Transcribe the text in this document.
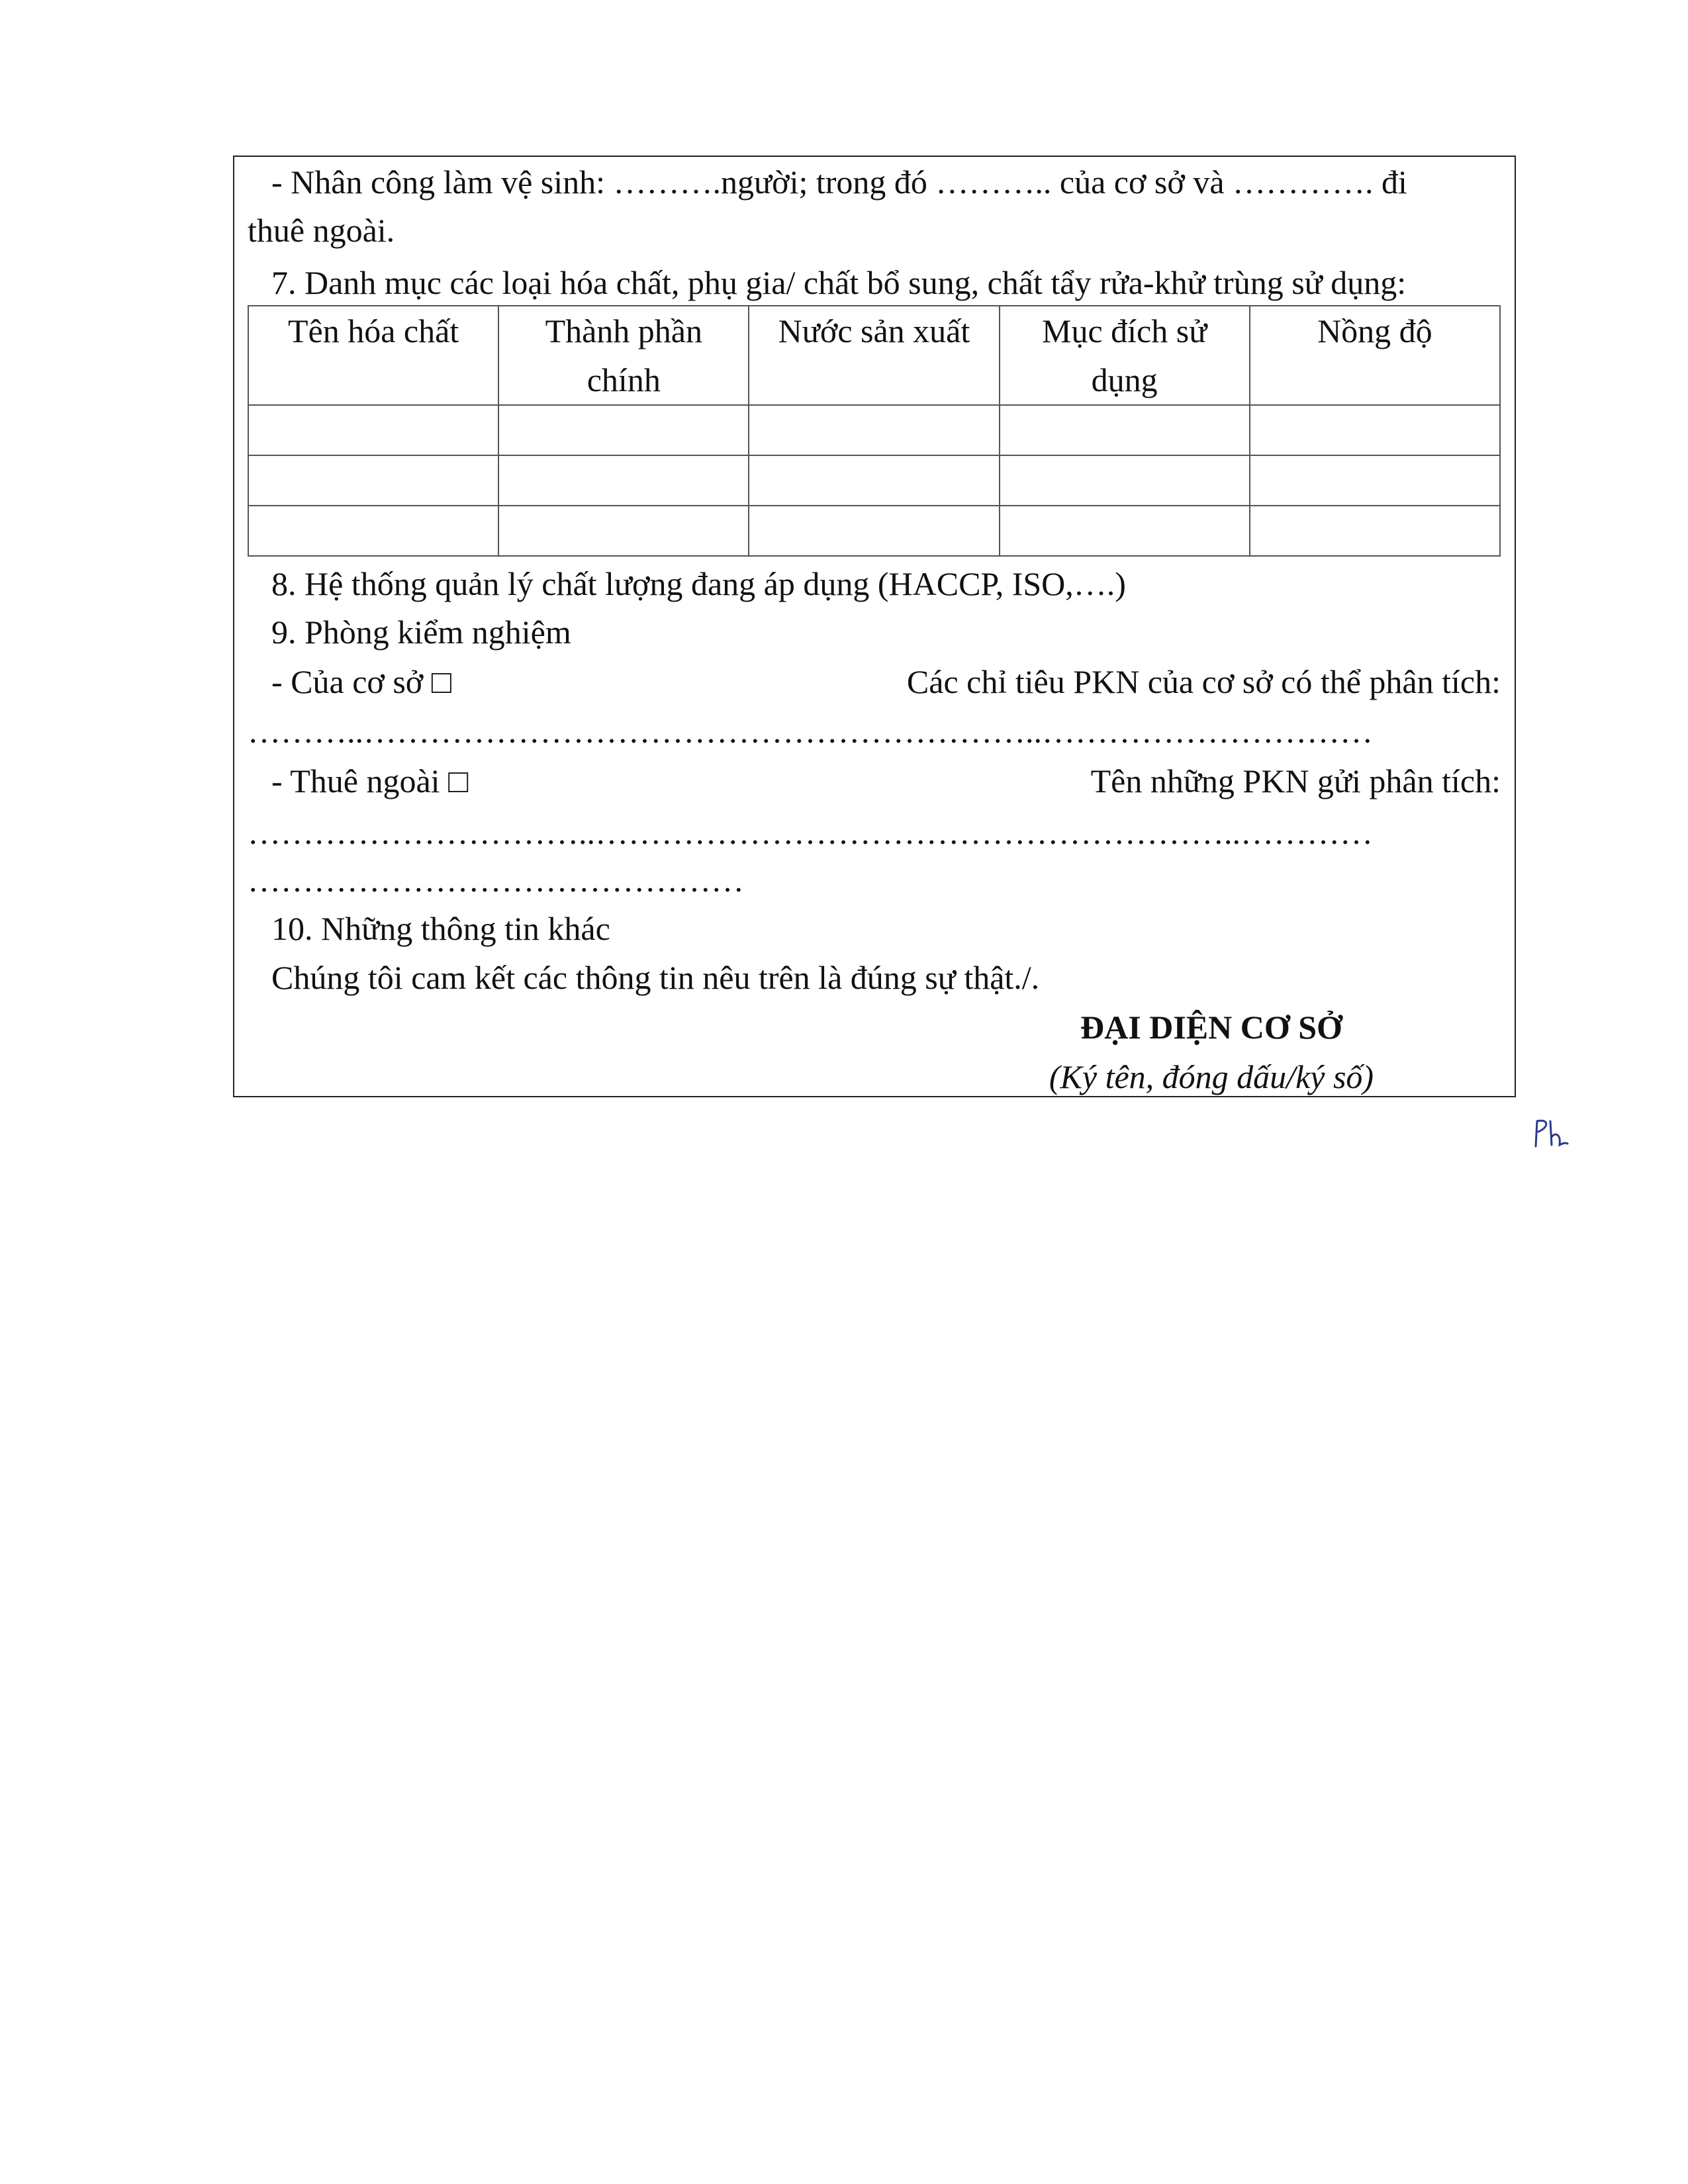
- Nhân công làm vệ sinh: ……….người; trong đó ……….. của cơ sở và …………. đi
thuê ngoài.
7. Danh mục các loại hóa chất, phụ gia/ chất bổ sung, chất tẩy rửa-khử trùng sử dụng:
Tên hóa chất	Thành phần chính	Nước sản xuất	Mục đích sử dụng	Nồng độ

8. Hệ thống quản lý chất lượng đang áp dụng (HACCP, ISO,….)
9. Phòng kiểm nghiệm
- Của cơ sở □	Các chỉ tiêu PKN của cơ sở có thể phân tích:
………..……………………………………………………..…………………………
- Thuê ngoài □	Tên những PKN gửi phân tích:
…………………………..…………………………………………………..…………
………………………………………
10. Những thông tin khác
Chúng tôi cam kết các thông tin nêu trên là đúng sự thật./.
ĐẠI DIỆN CƠ SỞ
(Ký tên, đóng dấu/ký số)
